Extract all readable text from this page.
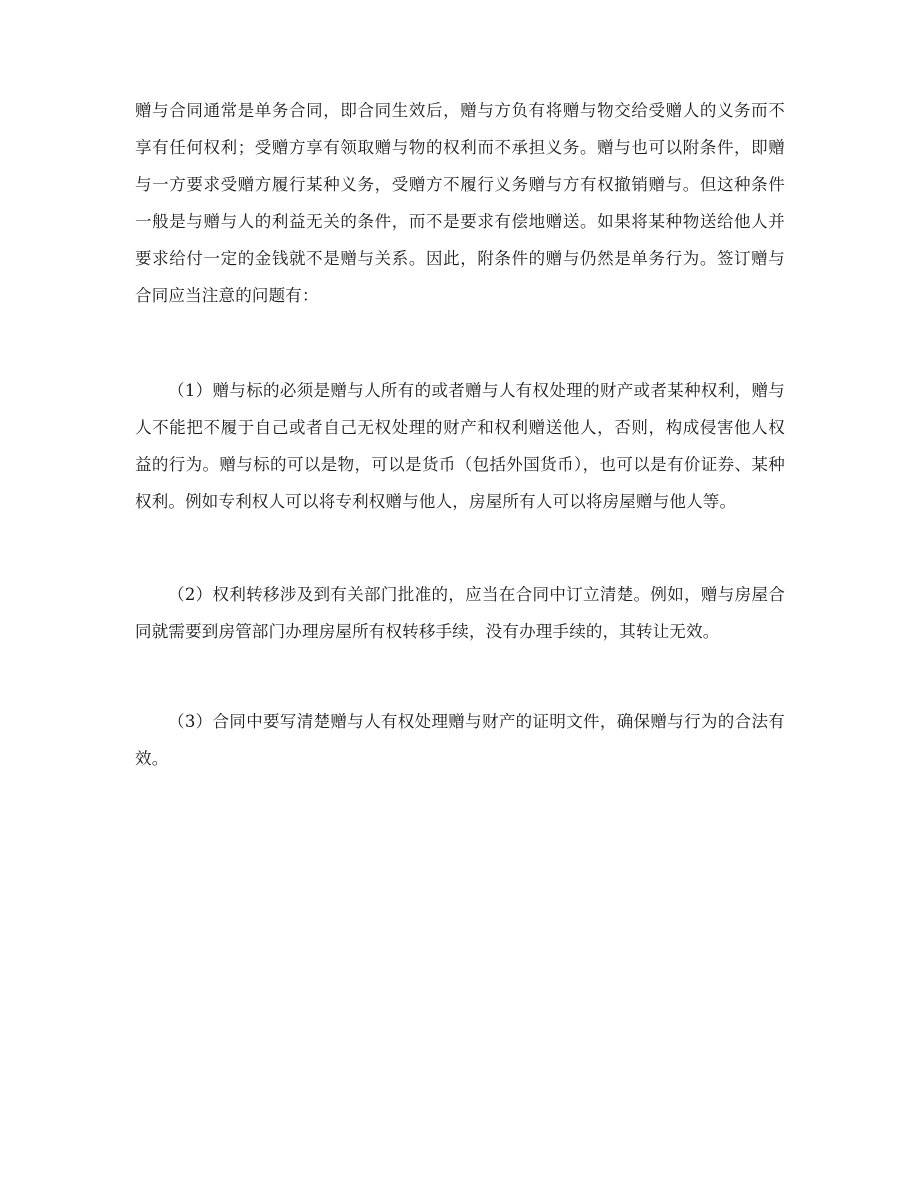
赠与合同通常是单务合同，即合同生效后，赠与方负有将赠与物交给受赠人的义务而不享有任何权利；受赠方享有领取赠与物的权利而不承担义务。赠与也可以附条件，即赠与一方要求受赠方履行某种义务，受赠方不履行义务赠与方有权撤销赠与。但这种条件一般是与赠与人的利益无关的条件，而不是要求有偿地赠送。如果将某种物送给他人并要求给付一定的金钱就不是赠与关系。因此，附条件的赠与仍然是单务行为。签订赠与合同应当注意的问题有：

（1）赠与标的必须是赠与人所有的或者赠与人有权处理的财产或者某种权利，赠与人不能把不履于自己或者自己无权处理的财产和权利赠送他人，否则，构成侵害他人权益的行为。赠与标的可以是物，可以是货币（包括外国货币），也可以是有价证券、某种权利。例如专利权人可以将专利权赠与他人，房屋所有人可以将房屋赠与他人等。

（2）权利转移涉及到有关部门批准的，应当在合同中订立清楚。例如，赠与房屋合同就需要到房管部门办理房屋所有权转移手续，没有办理手续的，其转让无效。

（3）合同中要写清楚赠与人有权处理赠与财产的证明文件，确保赠与行为的合法有效。
